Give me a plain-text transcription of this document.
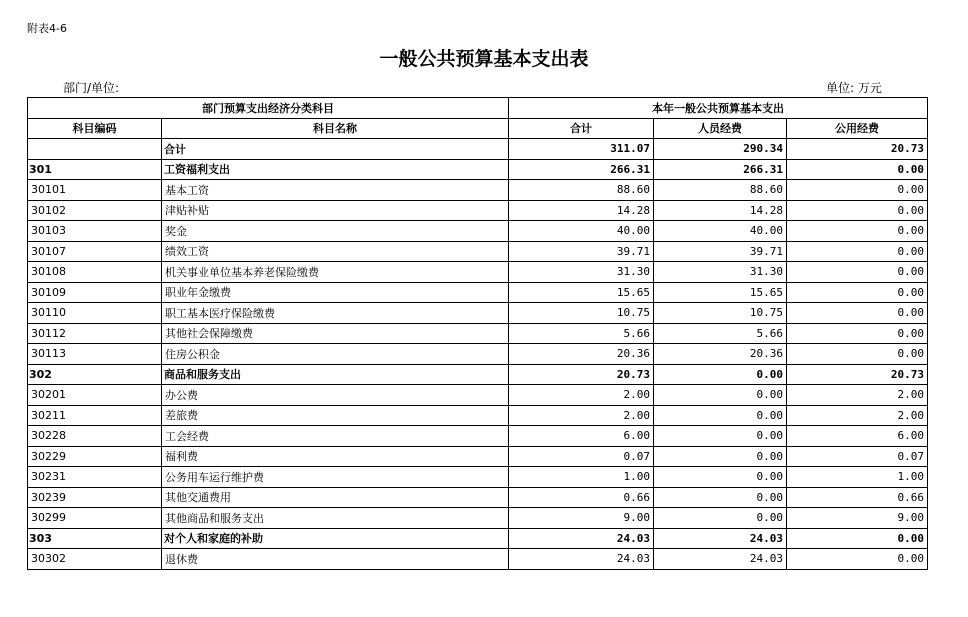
附表4-6
一般公共预算基本支出表
部门/单位:	单位: 万元
部门预算支出经济分类科目		本年一般公共预算基本支出		
科目编码	科目名称	合计	人员经费	公用经费
	合计	311.07	290.34	20.73
301	工资福利支出	266.31	266.31	0.00
30101	基本工资	88.60	88.60	0.00
30102	津贴补贴	14.28	14.28	0.00
30103	奖金	40.00	40.00	0.00
30107	绩效工资	39.71	39.71	0.00
30108	机关事业单位基本养老保险缴费	31.30	31.30	0.00
30109	职业年金缴费	15.65	15.65	0.00
30110	职工基本医疗保险缴费	10.75	10.75	0.00
30112	其他社会保障缴费	5.66	5.66	0.00
30113	住房公积金	20.36	20.36	0.00
302	商品和服务支出	20.73	0.00	20.73
30201	办公费	2.00	0.00	2.00
30211	差旅费	2.00	0.00	2.00
30228	工会经费	6.00	0.00	6.00
30229	福利费	0.07	0.00	0.07
30231	公务用车运行维护费	1.00	0.00	1.00
30239	其他交通费用	0.66	0.00	0.66
30299	其他商品和服务支出	9.00	0.00	9.00
303	对个人和家庭的补助	24.03	24.03	0.00
30302	退休费	24.03	24.03	0.00
